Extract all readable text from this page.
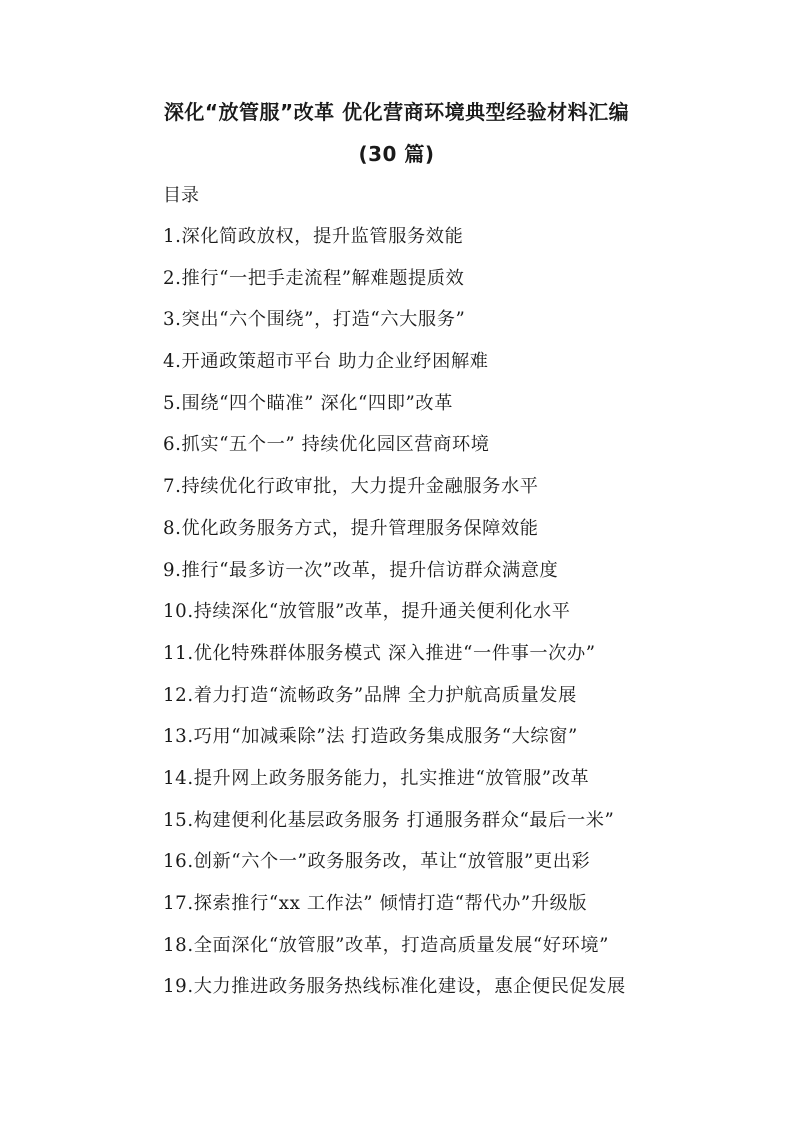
深化“放管服”改革 优化营商环境典型经验材料汇编
(30 篇)
目录
1.深化简政放权，提升监管服务效能
2.推行“一把手走流程”解难题提质效
3.突出“六个围绕”，打造“六大服务”
4.开通政策超市平台 助力企业纾困解难
5.围绕“四个瞄准” 深化“四即”改革
6.抓实“五个一” 持续优化园区营商环境
7.持续优化行政审批，大力提升金融服务水平
8.优化政务服务方式，提升管理服务保障效能
9.推行“最多访一次”改革，提升信访群众满意度
10.持续深化“放管服”改革，提升通关便利化水平
11.优化特殊群体服务模式 深入推进“一件事一次办”
12.着力打造“流畅政务”品牌 全力护航高质量发展
13.巧用“加减乘除”法 打造政务集成服务“大综窗”
14.提升网上政务服务能力，扎实推进“放管服”改革
15.构建便利化基层政务服务 打通服务群众“最后一米”
16.创新“六个一”政务服务改，革让“放管服”更出彩
17.探索推行“xx 工作法” 倾情打造“帮代办”升级版
18.全面深化“放管服”改革，打造高质量发展“好环境”
19.大力推进政务服务热线标准化建设，惠企便民促发展
